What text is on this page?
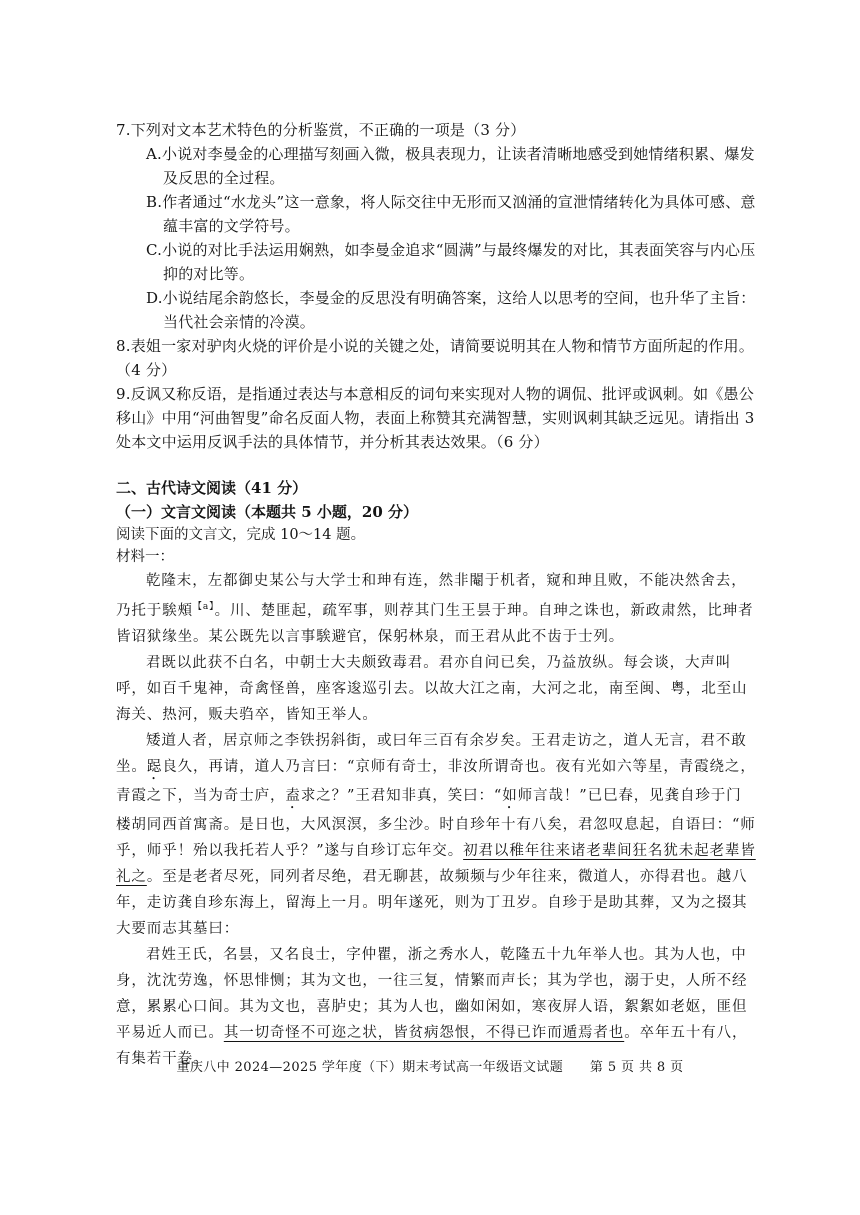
7.下列对文本艺术特色的分析鉴赏，不正确的一项是（3 分）

A.小说对李曼金的心理描写刻画入微，极具表现力，让读者清晰地感受到她情绪积累、爆发及反思的全过程。

B.作者通过“水龙头”这一意象，将人际交往中无形而又汹涌的宣泄情绪转化为具体可感、意蕴丰富的文学符号。

C.小说的对比手法运用娴熟，如李曼金追求“圆满”与最终爆发的对比，其表面笑容与内心压抑的对比等。

D.小说结尾余韵悠长，李曼金的反思没有明确答案，这给人以思考的空间，也升华了主旨：当代社会亲情的冷漠。

8.表姐一家对驴肉火烧的评价是小说的关键之处，请简要说明其在人物和情节方面所起的作用。（4 分）

9.反讽又称反语，是指通过表达与本意相反的词句来实现对人物的调侃、批评或讽刺。如《愚公移山》中用“河曲智叟”命名反面人物，表面上称赞其充满智慧，实则讽刺其缺乏远见。请指出 3 处本文中运用反讽手法的具体情节，并分析其表达效果。（6 分）

二、古代诗文阅读（41 分）

（一）文言文阅读（本题共 5 小题，20 分）

阅读下面的文言文，完成 10～14 题。

材料一：

乾隆末，左都御史某公与大学士和珅有连，然非閹于机者，窥和珅且败，不能决然舍去，乃托于騃頰$^{【a】}$。川、楚匪起，疏军事，则荐其门生王昙于珅。自珅之诛也，新政肃然，比珅者皆诏狱缘坐。某公既先以言事騃避官，保躬林泉，而王君从此不齿于士列。

君既以此获不白名，中朝士大夫颇致毒君。君亦自问已矣，乃益放纵。每会谈，大声叫呼，如百千鬼神，奇禽怪兽，座客逡巡引去。以故大江之南，大河之北，南至闽、粤，北至山海关、热河，贩夫驺卒，皆知王举人。

矮道人者，居京师之李铁拐斜街，或曰年三百有余岁矣。王君走访之，道人无言，君不敢坐。跽良久，再请，道人乃言曰：“京师有奇士，非汝所谓奇也。夜有光如六等星，青霞绕之，青霞之下，当为奇士庐，盍求之？”王君知非真，笑曰：“如师言哉！”已巳春，见龚自珍于门楼胡同西首寓斋。是日也，大风溟溟，多尘沙。时自珍年十有八矣，君忽叹息起，自语曰：“师乎，师乎！殆以我托若人乎？”遂与自珍订忘年交。初君以稚年往来诸老辈间狂名犹未起老辈皆礼之。至是老者尽死，同列者尽绝，君无聊甚，故频频与少年往来，微道人，亦得君也。越八年，走访龚自珍东海上，留海上一月。明年遂死，则为丁丑岁。自珍于是助其葬，又为之掇其大要而志其墓曰：

君姓王氏，名昙，又名良士，字仲瞿，浙之秀水人，乾隆五十九年举人也。其为人也，中身，沈沈劳逸，怀思悱恻；其为文也，一往三复，情繁而声长；其为学也，溺于史，人所不经意，累累心口间。其为文也，喜胪史；其为人也，幽如闲如，寒夜屏人语，絮絮如老妪，匪但平易近人而已。其一切奇怪不可迩之状，皆贫病怨恨，不得已诈而遁焉者也。卒年五十有八，有集若干卷。

重庆八中 2024—2025 学年度（下）期末考试高一年级语文试题　　第 5 页 共 8 页
